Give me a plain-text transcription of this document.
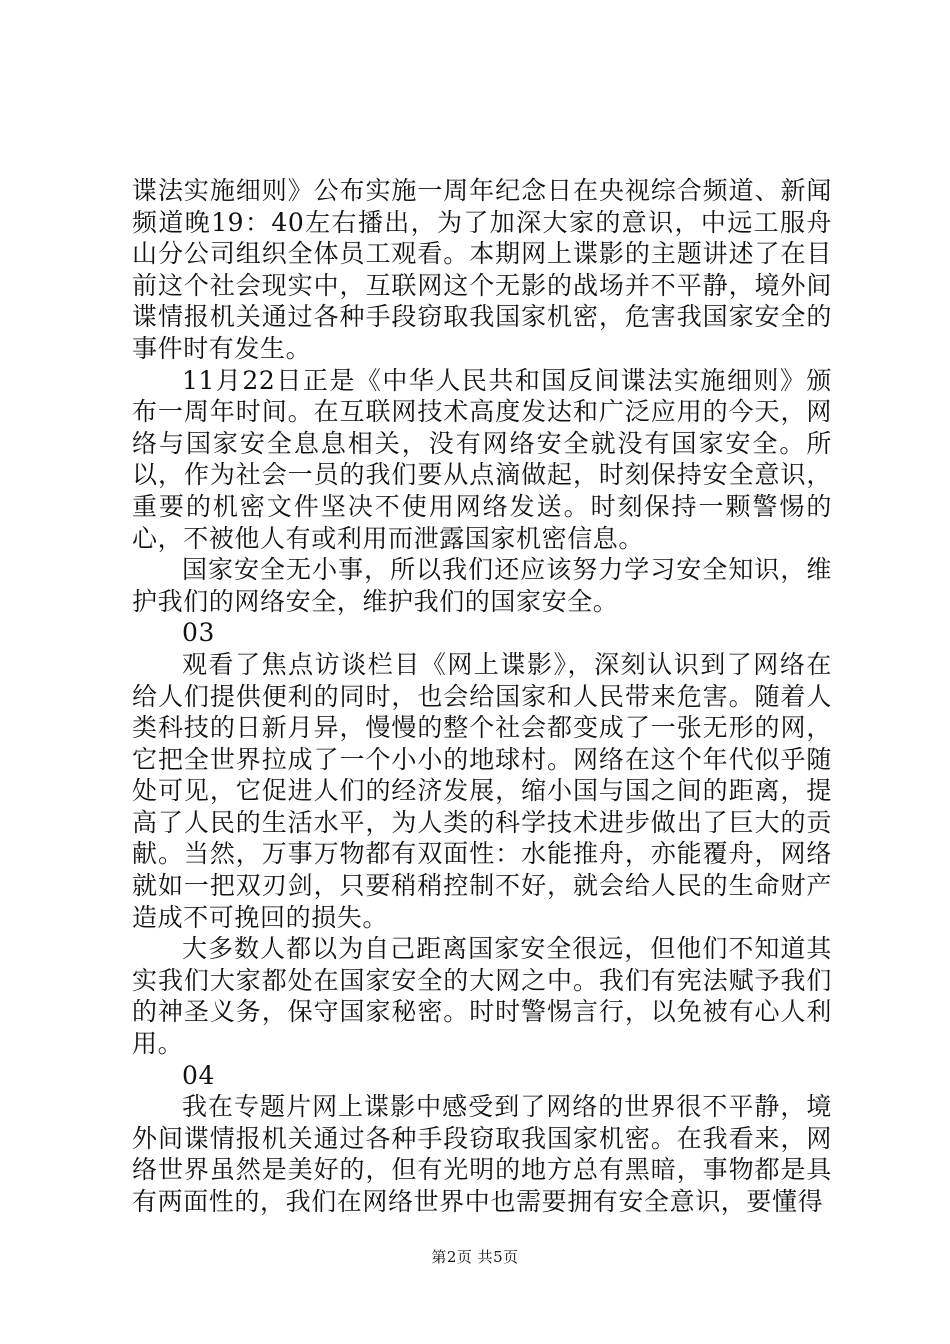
谍法实施细则》公布实施一周年纪念日在央视综合频道、新闻频道晚19：40左右播出，为了加深大家的意识，中远工服舟山分公司组织全体员工观看。本期网上谍影的主题讲述了在目前这个社会现实中，互联网这个无影的战场并不平静，境外间谍情报机关通过各种手段窃取我国家机密，危害我国家安全的事件时有发生。

11月22日正是《中华人民共和国反间谍法实施细则》颁布一周年时间。在互联网技术高度发达和广泛应用的今天，网络与国家安全息息相关，没有网络安全就没有国家安全。所以，作为社会一员的我们要从点滴做起，时刻保持安全意识，重要的机密文件坚决不使用网络发送。时刻保持一颗警惕的心，不被他人有或利用而泄露国家机密信息。

国家安全无小事，所以我们还应该努力学习安全知识，维护我们的网络安全，维护我们的国家安全。

03

观看了焦点访谈栏目《网上谍影》，深刻认识到了网络在给人们提供便利的同时，也会给国家和人民带来危害。随着人类科技的日新月异，慢慢的整个社会都变成了一张无形的网，它把全世界拉成了一个小小的地球村。网络在这个年代似乎随处可见，它促进人们的经济发展，缩小国与国之间的距离，提高了人民的生活水平，为人类的科学技术进步做出了巨大的贡献。当然，万事万物都有双面性：水能推舟，亦能覆舟，网络就如一把双刃剑，只要稍稍控制不好，就会给人民的生命财产造成不可挽回的损失。

大多数人都以为自己距离国家安全很远，但他们不知道其实我们大家都处在国家安全的大网之中。我们有宪法赋予我们的神圣义务，保守国家秘密。时时警惕言行，以免被有心人利用。

04

我在专题片网上谍影中感受到了网络的世界很不平静，境外间谍情报机关通过各种手段窃取我国家机密。在我看来，网络世界虽然是美好的，但有光明的地方总有黑暗，事物都是具有两面性的，我们在网络世界中也需要拥有安全意识，要懂得

第2页 共5页
